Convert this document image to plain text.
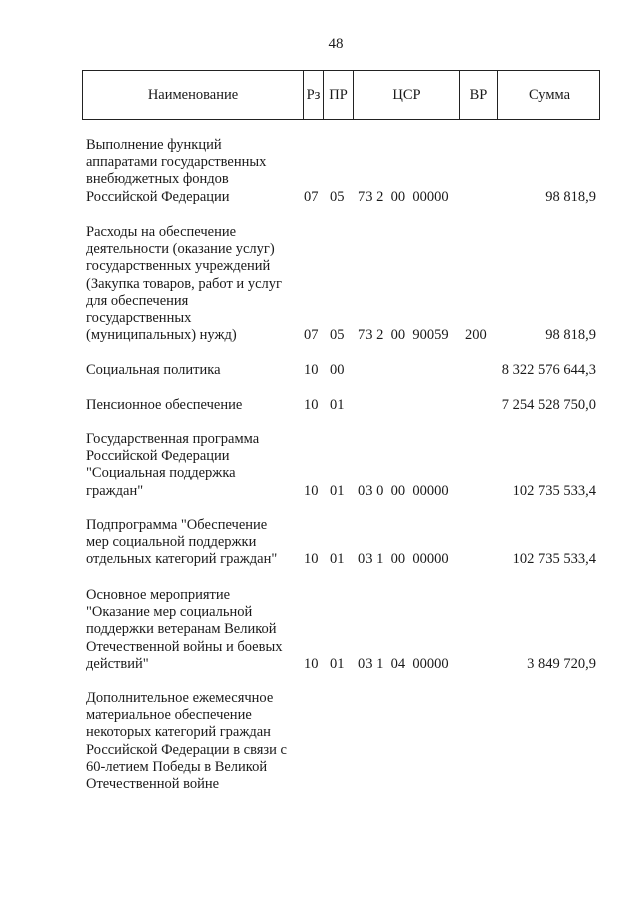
48
Наименование	Рз ПР	ЦСР	ВР	Сумма
Выполнение функций
аппаратами государственных
внебюджетных фондов
Российской Федерации	07 05 73 2  00  00000	98 818,9
Расходы на обеспечение
деятельности (оказание услуг)
государственных учреждений
(Закупка товаров, работ и услуг
для обеспечения
государственных
(муниципальных) нужд)	07 05 73 2  00  90059 200	98 818,9
Социальная политика	10 00	8 322 576 644,3
Пенсионное обеспечение	10 01	7 254 528 750,0
Государственная программа
Российской Федерации
"Социальная поддержка
граждан"	10 01 03 0  00  00000	102 735 533,4
Подпрограмма "Обеспечение
мер социальной поддержки
отдельных категорий граждан"	10 01 03 1  00  00000	102 735 533,4
Основное мероприятие
"Оказание мер социальной
поддержки ветеранам Великой
Отечественной войны и боевых
действий"	10 01 03 1  04  00000	3 849 720,9
Дополнительное ежемесячное
материальное обеспечение
некоторых категорий граждан
Российской Федерации в связи с
60-летием Победы в Великой
Отечественной войне
